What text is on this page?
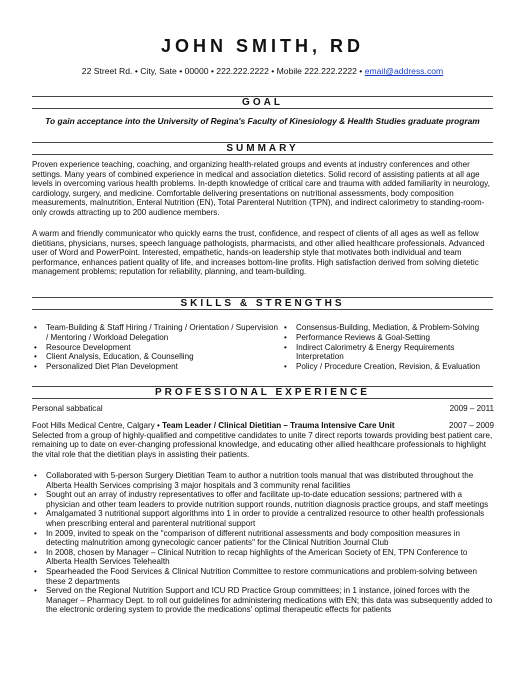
JOHN SMITH, RD
22 Street Rd. • City, Sate • 00000 • 222.222.2222 • Mobile 222.222.2222 • email@address.com
GOAL
To gain acceptance into the University of Regina's Faculty of Kinesiology & Health Studies graduate program
SUMMARY

Proven experience teaching, coaching, and organizing health-related groups and events at industry conferences and other settings. Many years of combined experience in medical and association dietetics. Solid record of assisting patients at all age levels in overcoming various health problems. In-depth knowledge of critical care and trauma with added familiarity in neurology, cardiology, surgery, and medicine. Comfortable delivering presentations on nutritional assessments, body composition measurements, malnutrition, Enteral Nutrition (EN), Total Parenteral Nutrition (TPN), and indirect calorimetry to standing-room-only crowds attracting up to 200 audience members.

A warm and friendly communicator who quickly earns the trust, confidence, and respect of clients of all ages as well as fellow dietitians, physicians, nurses, speech language pathologists, pharmacists, and other allied healthcare professionals. Advanced user of Word and PowerPoint. Interested, empathetic, hands-on leadership style that motivates both individual and team performance, enhances patient quality of life, and increases bottom-line profits. High satisfaction derived from solving dietetic management problems; reputation for reliability, planning, and team-building.

SKILLS & STRENGTHS
• Team-Building & Staff Hiring / Training / Orientation / Supervision / Mentoring / Workload Delegation
• Resource Development
• Client Analysis, Education, & Counselling
• Personalized Diet Plan Development
• Consensus-Building, Mediation, & Problem-Solving
• Performance Reviews & Goal-Setting
• Indirect Calorimetry & Energy Requirements Interpretation
• Policy / Procedure Creation, Revision, & Evaluation
PROFESSIONAL EXPERIENCE
Personal sabbatical	2009 – 2011
Foot Hills Medical Centre, Calgary • Team Leader / Clinical Dietitian – Trauma Intensive Care Unit	2007 – 2009
Selected from a group of highly-qualified and competitive candidates to unite 7 direct reports towards providing best patient care, remaining up to date on ever-changing professional knowledge, and educating other allied healthcare professionals to highlight the vital role that the dietitian plays in assisting their patients.
• Collaborated with 5-person Surgery Dietitian Team to author a nutrition tools manual that was distributed throughout the Alberta Health Services comprising 3 major hospitals and 3 community renal facilities
• Sought out an array of industry representatives to offer and facilitate up-to-date education sessions; partnered with a physician and other team leaders to provide nutrition support rounds, nutrition diagnosis practice groups, and staff meetings
• Amalgamated 3 nutritional support algorithms into 1 in order to provide a centralized resource to other health professionals when prescribing enteral and parenteral nutritional support
• In 2009, invited to speak on the "comparison of different nutritional assessments and body composition measures in detecting malnutrition among gynecologic cancer patients" for the Clinical Nutrition Journal Club
• In 2008, chosen by Manager – Clinical Nutrition to recap highlights of the American Society of EN, TPN Conference to Alberta Health Services Telehealth
• Spearheaded the Food Services & Clinical Nutrition Committee to restore communications and problem-solving between these 2 departments
• Served on the Regional Nutrition Support and ICU RD Practice Group committees; in 1 instance, joined forces with the Manager – Pharmacy Dept. to roll out guidelines for administering medications with EN; this data was subsequently added to the electronic ordering system to provide the medications' optimal therapeutic effects for patients
